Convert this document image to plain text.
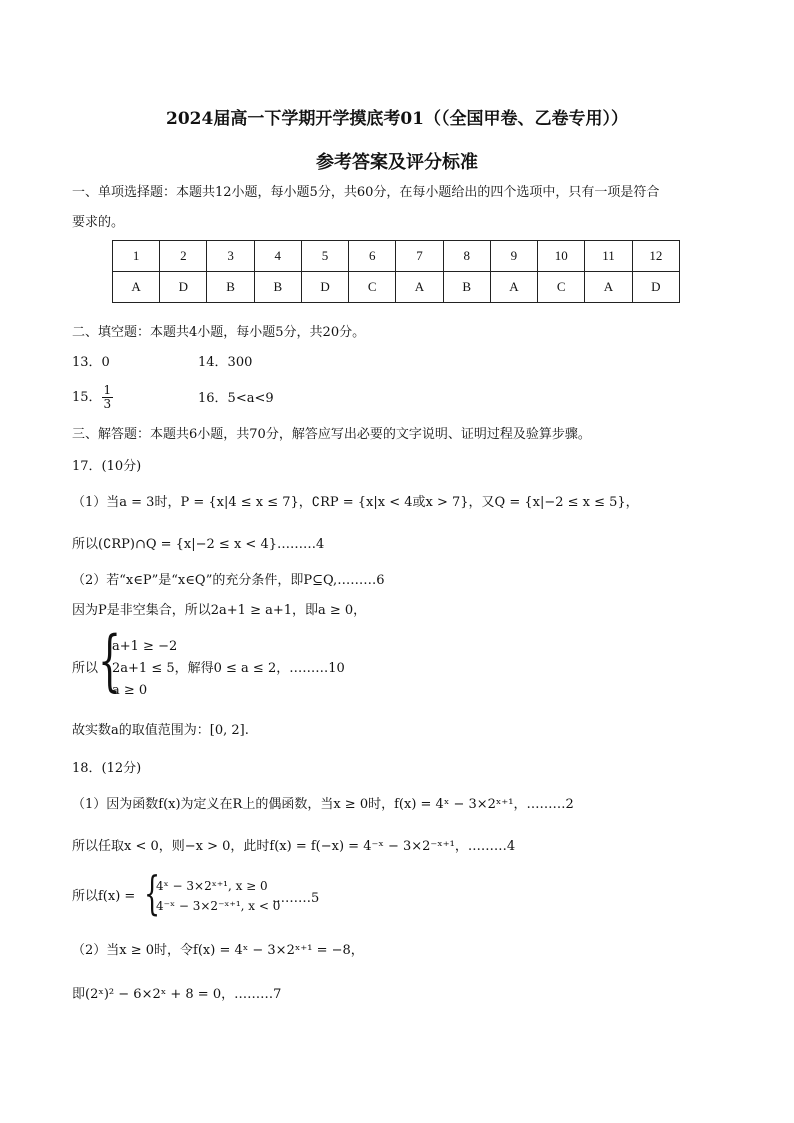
2024届高一下学期开学摸底考01（（全国甲卷、乙卷专用））
参考答案及评分标准
一、单项选择题：本题共12小题，每小题5分，共60分，在每小题给出的四个选项中，只有一项是符合
要求的。
1	2	3	4	5	6	7	8	9	10	11	12
A	D	B	B	D	C	A	B	A	C	A	D
二、填空题：本题共4小题，每小题5分，共20分。
13．0	14．300
15． $\frac{1}{3}$	16．5<a<9
三、解答题：本题共6小题，共70分，解答应写出必要的文字说明、证明过程及验算步骤。
17．(10分)
（1）当a = 3时，P = {x|4 ≤ x ≤ 7}，∁RP = {x|x < 4或x > 7}，又Q = {x|−2 ≤ x ≤ 5}，
所以(∁RP)∩Q = {x|−2 ≤ x < 4}………4
（2）若“x∈P”是“x∈Q”的充分条件，即P⊆Q,………6
因为P是非空集合，所以2a+1 ≥ a+1，即a ≥ 0，
所以 {
a+1 ≥ −2
2a+1 ≤ 5，解得0 ≤ a ≤ 2，………10
a ≥ 0
故实数a的取值范围为：[0, 2].
18．(12分)
（1）因为函数f(x)为定义在R上的偶函数，当x ≥ 0时，f(x) = 4ˣ − 3×2ˣ⁺¹，………2
所以任取x < 0，则−x > 0，此时f(x) = f(−x) = 4⁻ˣ − 3×2⁻ˣ⁺¹，………4
所以f(x) = {
4ˣ − 3×2ˣ⁺¹, x ≥ 0
4⁻ˣ − 3×2⁻ˣ⁺¹, x < 0
………5
（2）当x ≥ 0时，令f(x) = 4ˣ − 3×2ˣ⁺¹ = −8，
即(2ˣ)² − 6×2ˣ + 8 = 0，………7
